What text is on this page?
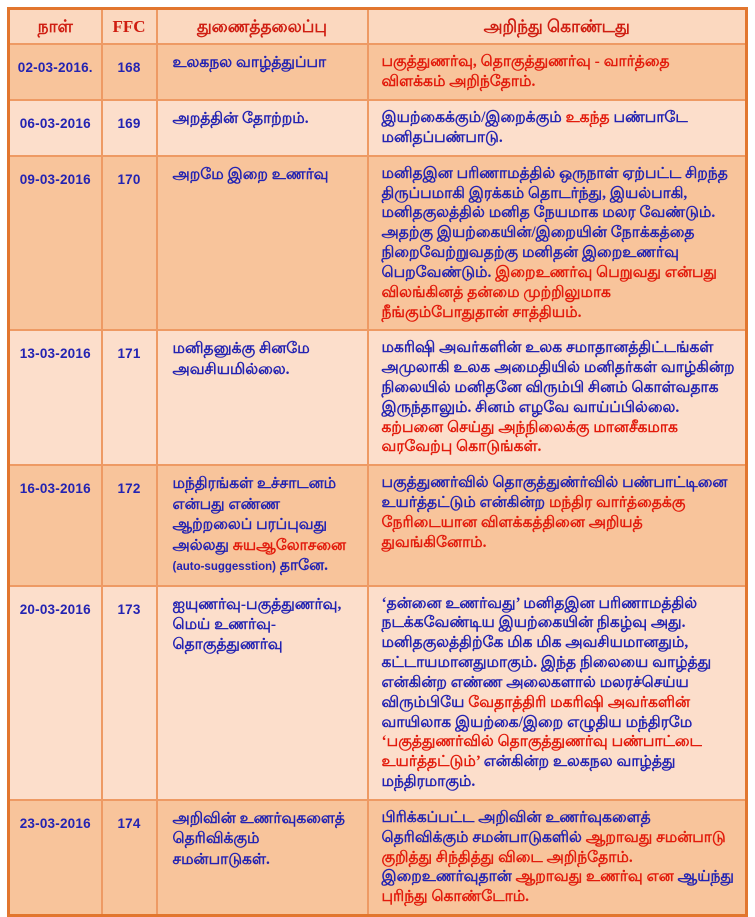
நாள்	FFC	துணைத்தலைப்பு	அறிந்து கொண்டது
02-03-2016.	168	உலகநல வாழ்த்துப்பா	பகுத்துணர்வு, தொகுத்துணர்வு - வார்த்தை விளக்கம் அறிந்தோம்.
06-03-2016	169	அறத்தின் தோற்றம்.	இயற்கைக்கும்/இறைக்கும் உகந்த பண்பாடே மனிதப்பண்பாடு.
09-03-2016	170	அறமே இறை உணர்வு	மனிதஇன பரிணாமத்தில் ஒருநாள் ஏற்பட்ட சிறந்த திருப்பமாகி இரக்கம் தொடர்ந்து, இயல்பாகி, மனிதகுலத்தில் மனித நேயமாக மலர வேண்டும். அதற்கு இயற்கையின்/இறையின் நோக்கத்தை நிறைவேற்றுவதற்கு மனிதன் இறைஉணர்வு பெறவேண்டும். இறைஉணர்வு பெறுவது என்பது விலங்கினத் தன்மை முற்றிலுமாக நீங்கும்போதுதான் சாத்தியம்.
13-03-2016	171	மனிதனுக்கு சினமே அவசியமில்லை.	மகரிஷி அவர்களின் உலக சமாதானத்திட்டங்கள் அமுலாகி உலக அமைதியில் மனிதர்கள் வாழ்கின்ற நிலையில் மனிதனே விரும்பி சினம் கொள்வதாக இருந்தாலும். சினம் எழவே வாய்ப்பில்லை. கற்பனை செய்து அந்நிலைக்கு மானசீகமாக வரவேற்பு கொடுங்கள்.
16-03-2016	172	மந்திரங்கள் உச்சாடனம் என்பது எண்ண ஆற்றலைப் பரப்புவது அல்லது சுயஆலோசனை (auto-suggesstion) தானே.	பகுத்துணர்வில் தொகுத்துண்ர்வில் பண்பாட்டினை உயர்த்தட்டும் என்கின்ற மந்திர வார்த்தைக்கு நேரிடையான விளக்கத்தினை அறியத் துவங்கினோம்.
20-03-2016	173	ஐயுணர்வு-பகுத்துணர்வு, மெய் உணர்வு-தொகுத்துணர்வு	‘தன்னை உணர்வது’ மனிதஇன பரிணாமத்தில் நடக்கவேண்டிய இயற்கையின் நிகழ்வு அது. மனிதகுலத்திற்கே மிக மிக அவசியமானதும், கட்டாயமானதுமாகும். இந்த நிலையை வாழ்த்து என்கின்ற எண்ண அலைகளால் மலரச்செய்ய விரும்பியே வேதாத்திரி மகரிஷி அவர்களின் வாயிலாக இயற்கை/இறை எழுதிய மந்திரமே ‘பகுத்துணர்வில் தொகுத்துணர்வு பண்பாட்டை உயர்த்தட்டும்’ என்கின்ற உலகநல வாழ்த்து மந்திரமாகும்.
23-03-2016	174	அறிவின் உணர்வுகளைத் தெரிவிக்கும் சமன்பாடுகள்.	பிரிக்கப்பட்ட அறிவின் உணர்வுகளைத் தெரிவிக்கும் சமன்பாடுகளில் ஆறாவது சமன்பாடு குறித்து சிந்தித்து விடை அறிந்தோம். இறைஉணர்வுதான் ஆறாவது உணர்வு என ஆய்ந்து புரிந்து கொண்டோம்.
